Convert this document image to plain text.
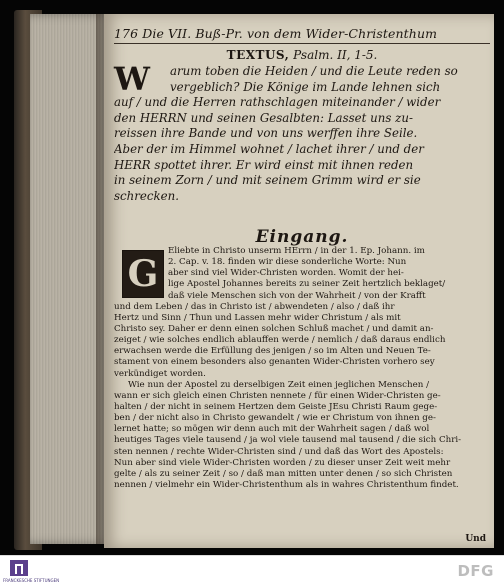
176 Die VII. Buß-Pr. von dem Wider-Christenthum
TEXTUS, Psalm. II, 1-5.
W	arum toben die Heiden / und die Leute reden so
vergeblich? Die Könige im Lande lehnen sich
auf / und die Herren rathschlagen miteinander / wider
den HERRN und seinen Gesalbten: Lasset uns zu-
reissen ihre Bande und von uns werffen ihre Seile.
Aber der im Himmel wohnet / lachet ihrer / und der
HERR spottet ihrer. Er wird einst mit ihnen reden
in seinem Zorn / und mit seinem Grimm wird er sie
schrecken.
Eingang.
Eliebte in Christo unserm HErrn / in der 1. Ep. Johann. im
2. Cap. v. 18. finden wir diese sonderliche Worte: Nun
aber sind viel Wider-Christen worden. Womit der hei-
lige Apostel Johannes bereits zu seiner Zeit hertzlich beklaget/
daß viele Menschen sich von der Wahrheit / von der Krafft
und dem Leben / das in Christo ist / abwendeten / also / daß ihr
Hertz und Sinn / Thun und Lassen mehr wider Christum / als mit
Christo sey. Daher er denn einen solchen Schluß machet / und damit an-
zeiget / wie solches endlich ablauffen werde / nemlich / daß daraus endlich
erwachsen werde die Erfüllung des jenigen / so im Alten und Neuen Te-
stament von einem besonders also genanten Wider-Christen vorhero sey
verkündiget worden.
Wie nun der Apostel zu derselbigen Zeit einen jeglichen Menschen /
wann er sich gleich einen Christen nennete / für einen Wider-Christen ge-
halten / der nicht in seinem Hertzen dem Geiste JEsu Christi Raum gege-
ben / der nicht also in Christo gewandelt / wie er Christum von ihnen ge-
lernet hatte; so mögen wir denn auch mit der Wahrheit sagen / daß wol
heutiges Tages viele tausend / ja wol viele tausend mal tausend / die sich Chri-
sten nennen / rechte Wider-Christen sind / und daß das Wort des Apostels:
Nun aber sind viele Wider-Christen worden / zu dieser unser Zeit weit mehr
gelte / als zu seiner Zeit / so / daß man mitten unter denen / so sich Christen
nennen / vielmehr ein Wider-Christenthum als in wahres Christenthum findet.
G
Und
FRANCKESCHE STIFTUNGEN
DFG
